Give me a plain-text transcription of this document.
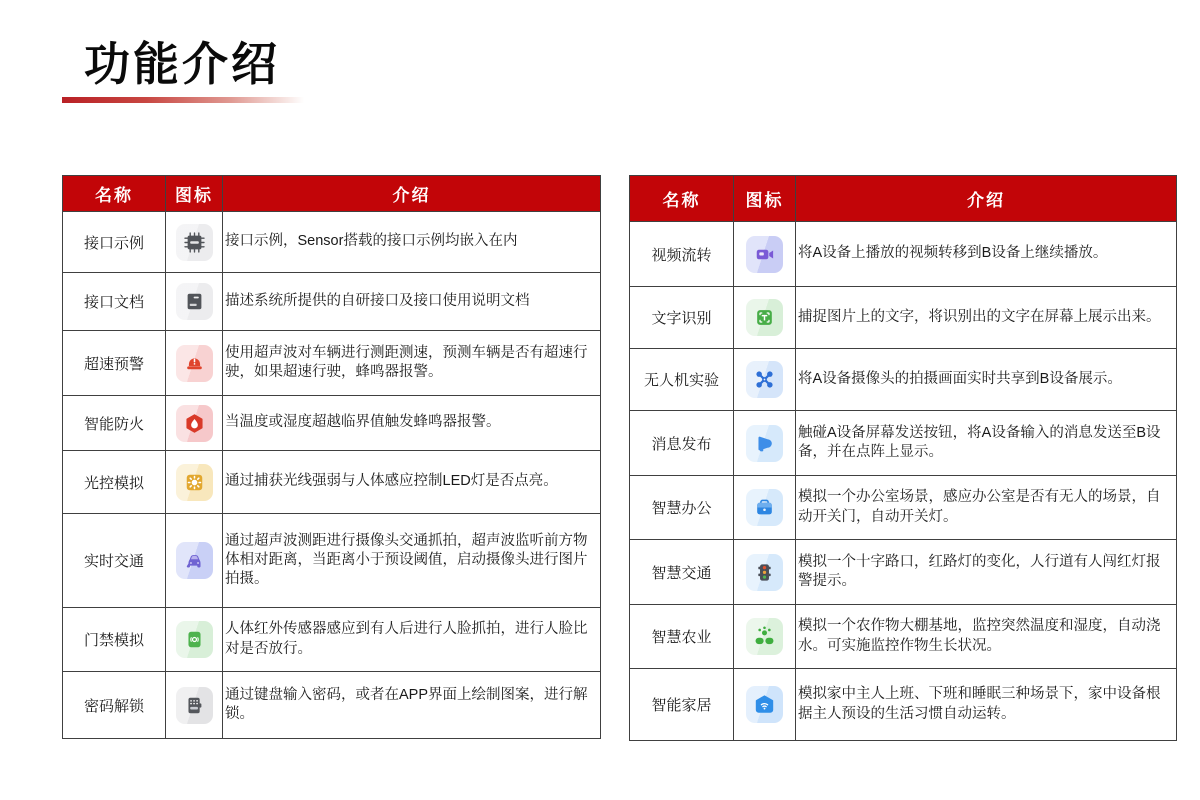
功能介绍
名称	图标	介绍
接口示例		接口示例，Sensor搭载的接口示例均嵌入在内
接口文档		描述系统所提供的自研接口及接口使用说明文档
超速预警		使用超声波对车辆进行测距测速，预测车辆是否有超速行驶，如果超速行驶，蜂鸣器报警。
智能防火		当温度或湿度超越临界值触发蜂鸣器报警。
光控模拟		通过捕获光线强弱与人体感应控制LED灯是否点亮。
实时交通		通过超声波测距进行摄像头交通抓拍，超声波监听前方物体相对距离，当距离小于预设阈值，启动摄像头进行图片拍摄。
门禁模拟		人体红外传感器感应到有人后进行人脸抓拍，进行人脸比对是否放行。
密码解锁		通过键盘输入密码，或者在APP界面上绘制图案，进行解锁。
名称	图标	介绍
视频流转		将A设备上播放的视频转移到B设备上继续播放。
文字识别		捕捉图片上的文字，将识别出的文字在屏幕上展示出来。
无人机实验		将A设备摄像头的拍摄画面实时共享到B设备展示。
消息发布		触碰A设备屏幕发送按钮，将A设备输入的消息发送至B设备，并在点阵上显示。
智慧办公		模拟一个办公室场景，感应办公室是否有无人的场景，自动开关门，自动开关灯。
智慧交通		模拟一个十字路口，红路灯的变化，人行道有人闯红灯报警提示。
智慧农业		模拟一个农作物大棚基地，监控突然温度和湿度，自动浇水。可实施监控作物生长状况。
智能家居		模拟家中主人上班、下班和睡眠三种场景下，家中设备根据主人预设的生活习惯自动运转。
